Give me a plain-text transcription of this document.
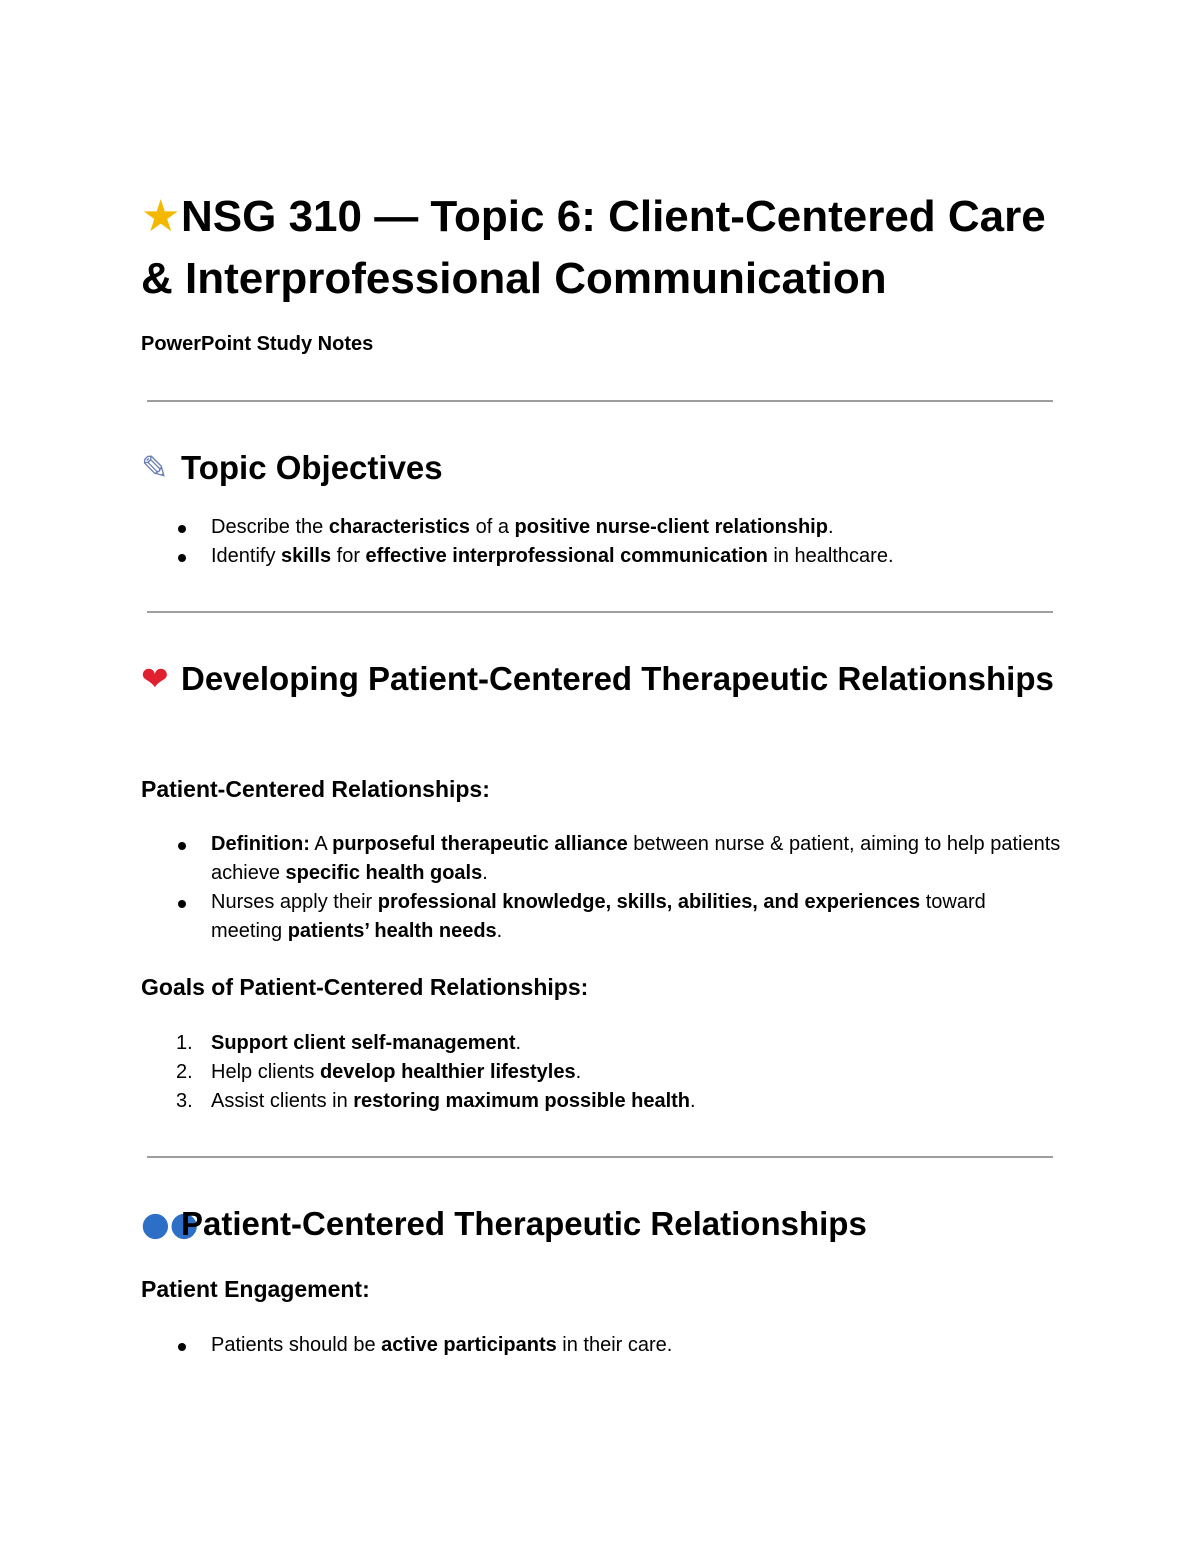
★NSG 310 — Topic 6: Client-Centered Care & Interprofessional Communication

PowerPoint Study Notes

✎ Topic Objectives
Describe the characteristics of a positive nurse-client relationship.
Identify skills for effective interprofessional communication in healthcare.
❤ Developing Patient-Centered Therapeutic Relationships
Patient-Centered Relationships:
Definition: A purposeful therapeutic alliance between nurse & patient, aiming to help patients achieve specific health goals.
Nurses apply their professional knowledge, skills, abilities, and experiences toward meeting patients’ health needs.
Goals of Patient-Centered Relationships:
1. Support client self-management.
2. Help clients develop healthier lifestyles.
3. Assist clients in restoring maximum possible health.
●●Patient-Centered Therapeutic Relationships
Patient Engagement:
Patients should be active participants in their care.
